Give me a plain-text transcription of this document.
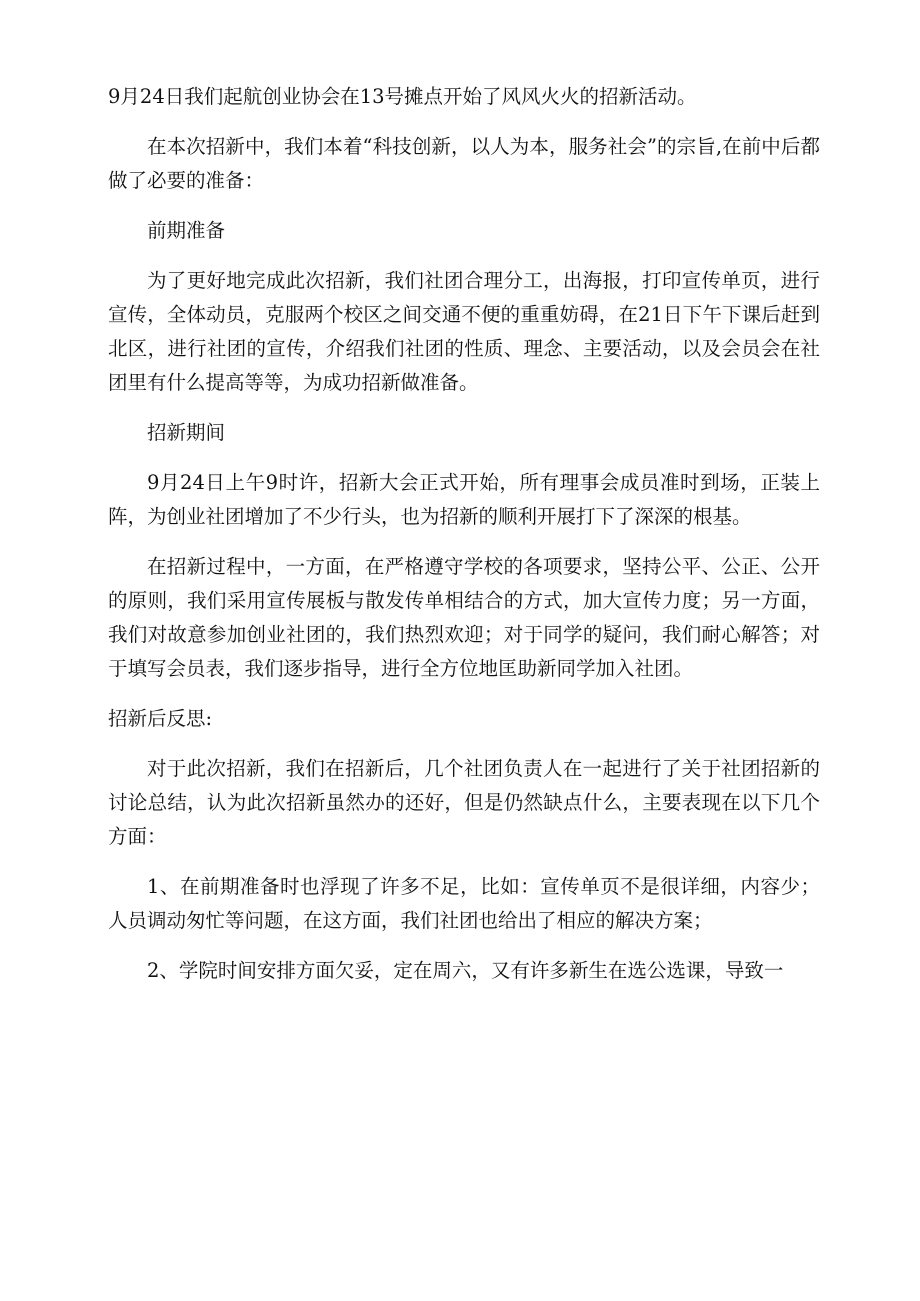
9月24日我们起航创业协会在13号摊点开始了风风火火的招新活动。

在本次招新中，我们本着“科技创新，以人为本，服务社会”的宗旨,在前中后都做了必要的准备：

前期准备

为了更好地完成此次招新，我们社团合理分工，出海报，打印宣传单页，进行宣传，全体动员，克服两个校区之间交通不便的重重妨碍，在21日下午下课后赶到北区，进行社团的宣传，介绍我们社团的性质、理念、主要活动，以及会员会在社团里有什么提高等等，为成功招新做准备。

招新期间

9月24日上午9时许，招新大会正式开始，所有理事会成员准时到场，正装上阵，为创业社团增加了不少行头，也为招新的顺利开展打下了深深的根基。

在招新过程中，一方面，在严格遵守学校的各项要求，坚持公平、公正、公开的原则，我们采用宣传展板与散发传单相结合的方式，加大宣传力度；另一方面，我们对故意参加创业社团的，我们热烈欢迎；对于同学的疑问，我们耐心解答；对于填写会员表，我们逐步指导，进行全方位地匡助新同学加入社团。

招新后反思:

对于此次招新，我们在招新后，几个社团负责人在一起进行了关于社团招新的讨论总结，认为此次招新虽然办的还好，但是仍然缺点什么，主要表现在以下几个方面：

1、在前期准备时也浮现了许多不足，比如：宣传单页不是很详细，内容少；人员调动匆忙等问题，在这方面，我们社团也给出了相应的解决方案；

2、学院时间安排方面欠妥，定在周六，又有许多新生在选公选课，导致一
